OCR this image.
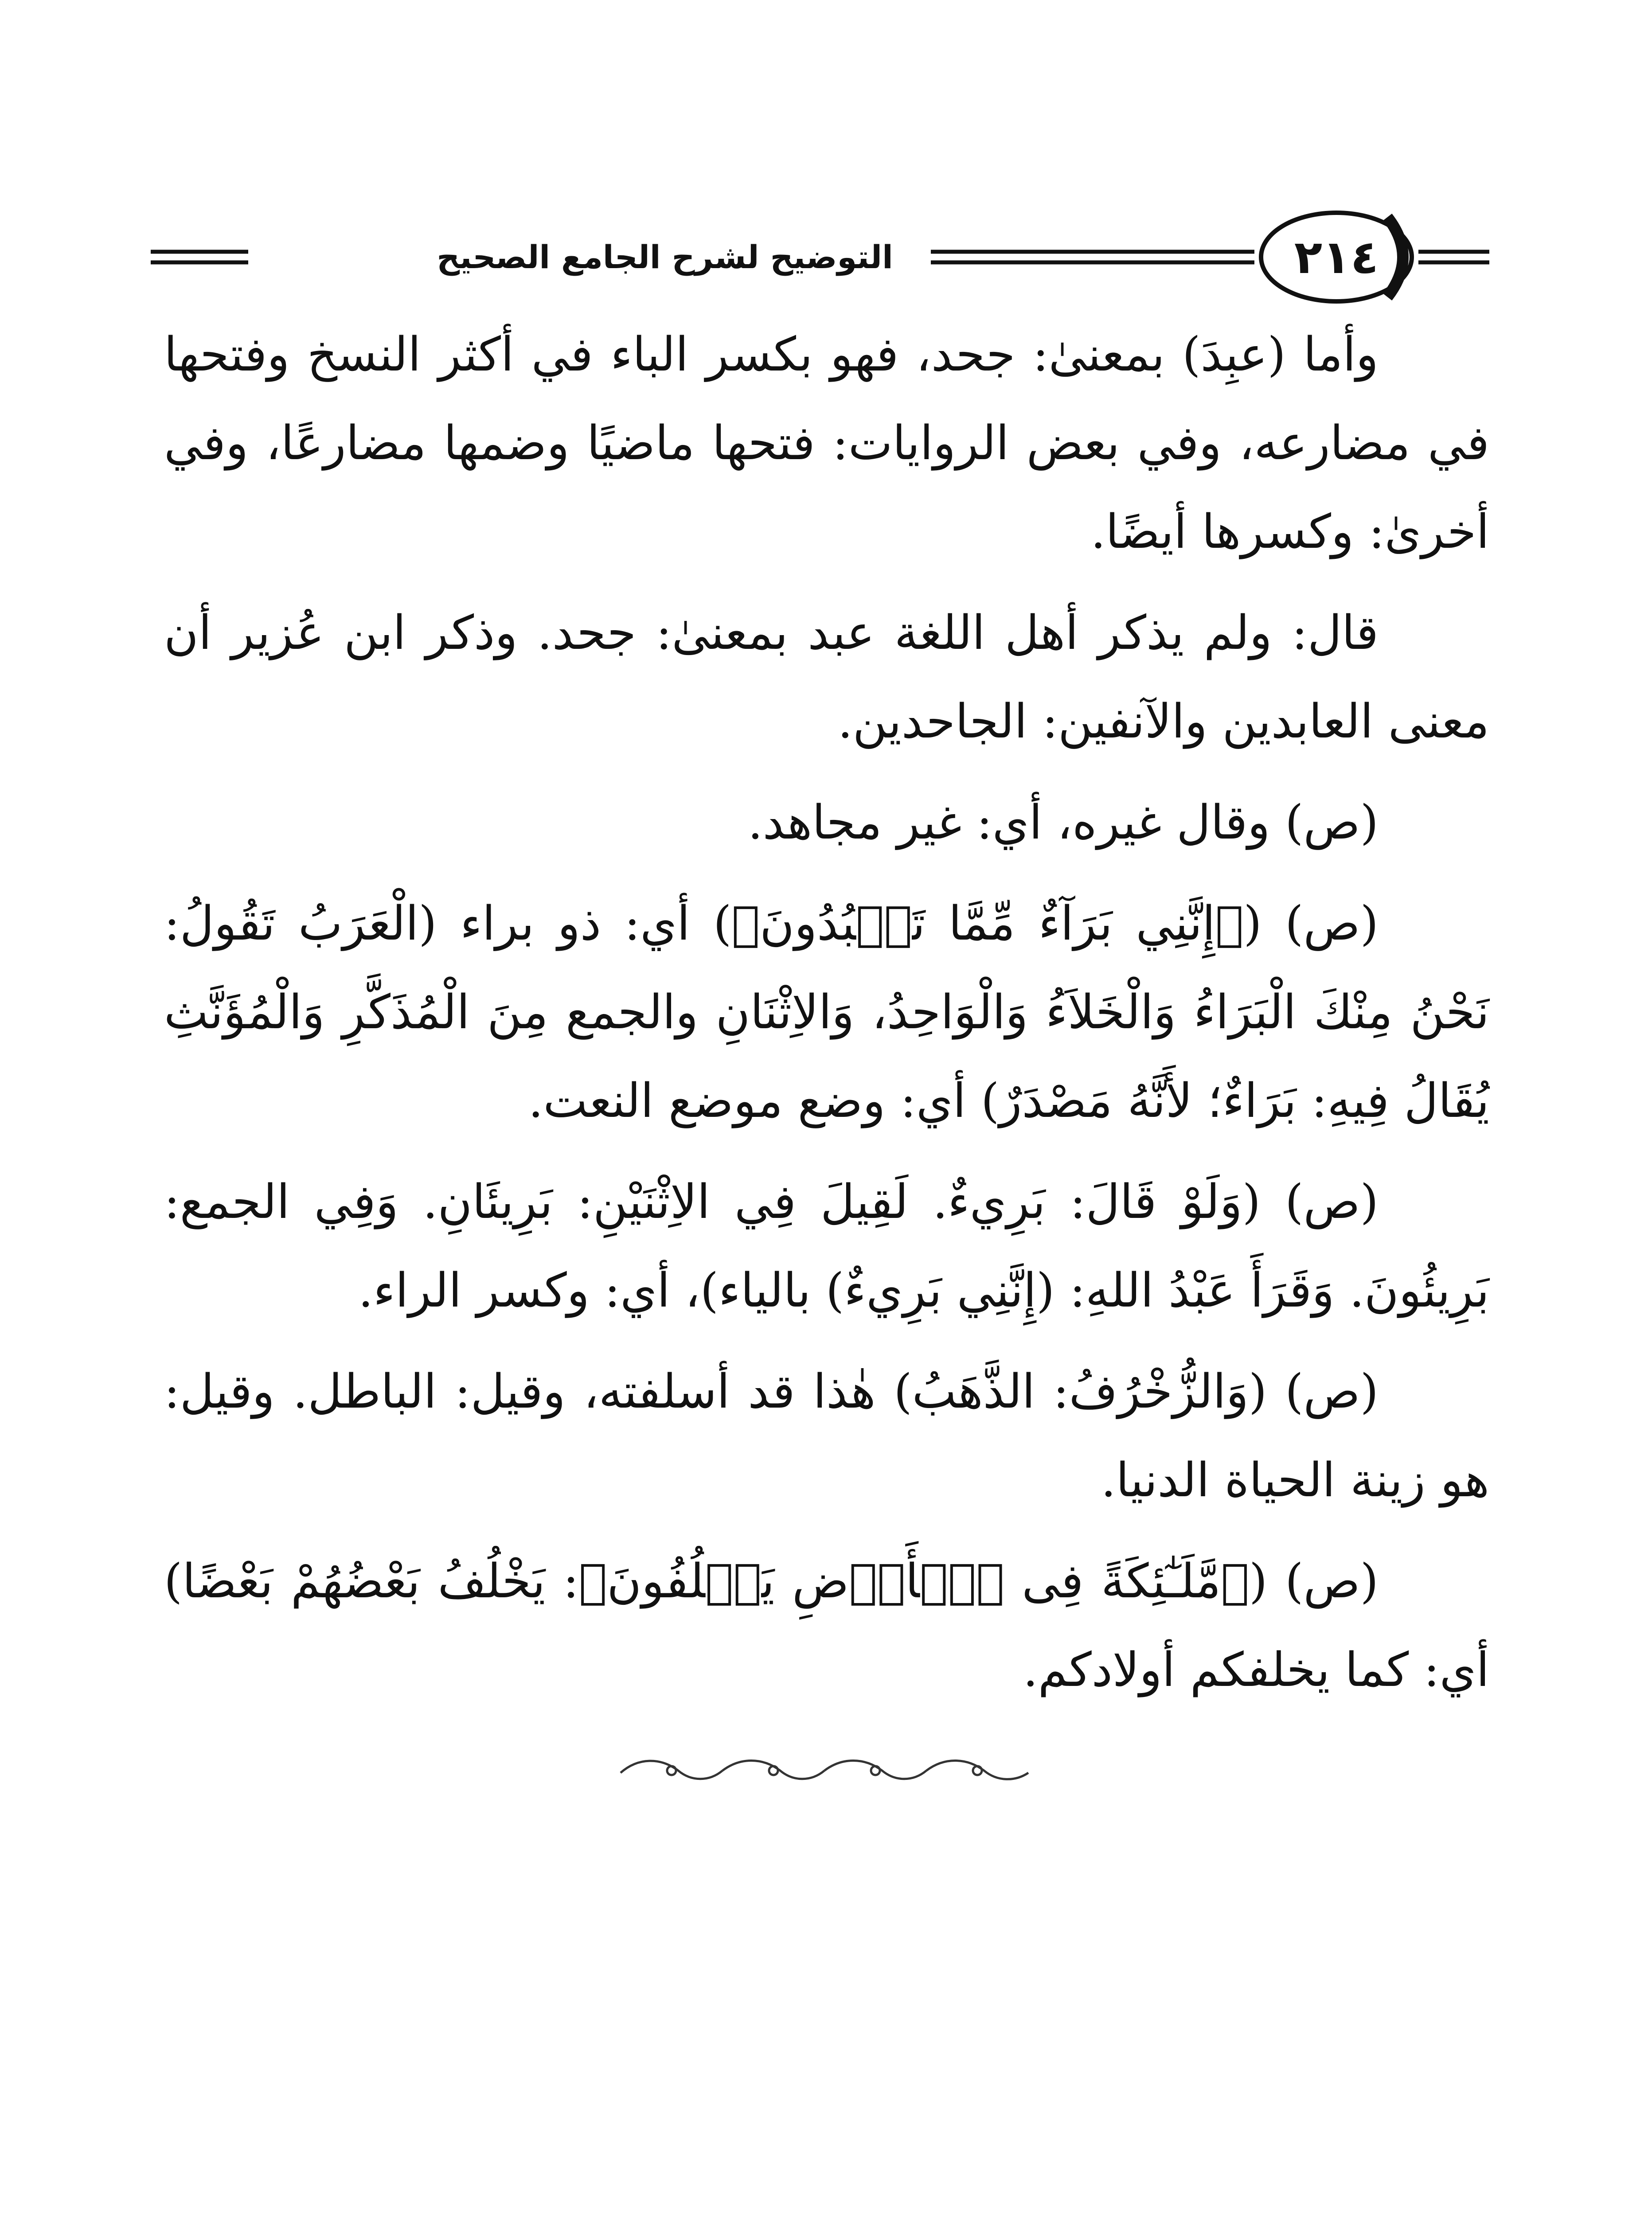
التوضيح لشرح الجامع الصحيح	٢١٤

وأما (عبِدَ) بمعنىٰ: جحد، فهو بكسر الباء في أكثر النسخ وفتحها في مضارعه، وفي بعض الروايات: فتحها ماضيًا وضمها مضارعًا، وفي أخرىٰ: وكسرها أيضًا.

قال: ولم يذكر أهل اللغة عبد بمعنىٰ: جحد. وذكر ابن عُزير أن معنى العابدين والآنفين: الجاحدين.

(ص) وقال غيره، أي: غير مجاهد.

(ص) (﴿إِنَّنِي بَرَآءٌ مِّمَّا تَعۡبُدُونَ﴾) أي: ذو براء (الْعَرَبُ تَقُولُ: نَحْنُ مِنْكَ الْبَرَاءُ وَالْخَلاَءُ وَالْوَاحِدُ، وَالاِثْنَانِ والجمع مِنَ الْمُذَكَّرِ وَالْمُؤَنَّثِ يُقَالُ فِيهِ: بَرَاءٌ؛ لأَنَّهُ مَصْدَرٌ) أي: وضع موضع النعت.

(ص) (وَلَوْ قَالَ: بَرِيءٌ. لَقِيلَ فِي الاِثْنَيْنِ: بَرِيئَانِ. وَفِي الجمع: بَرِيئُونَ. وَقَرَأَ عَبْدُ اللهِ: (إِنَّنِي بَرِيءٌ) بالياء)، أي: وكسر الراء.

(ص) (وَالزُّخْرُفُ: الذَّهَبُ) هٰذا قد أسلفته، وقيل: الباطل. وقيل: هو زينة الحياة الدنيا.

(ص) (﴿مَّلَـٰٓئِكَةً فِى ٱلۡأَرۡضِ يَخۡلُفُونَ﴾: يَخْلُفُ بَعْضُهُمْ بَعْضًا) أي: كما يخلفكم أولادكم.
